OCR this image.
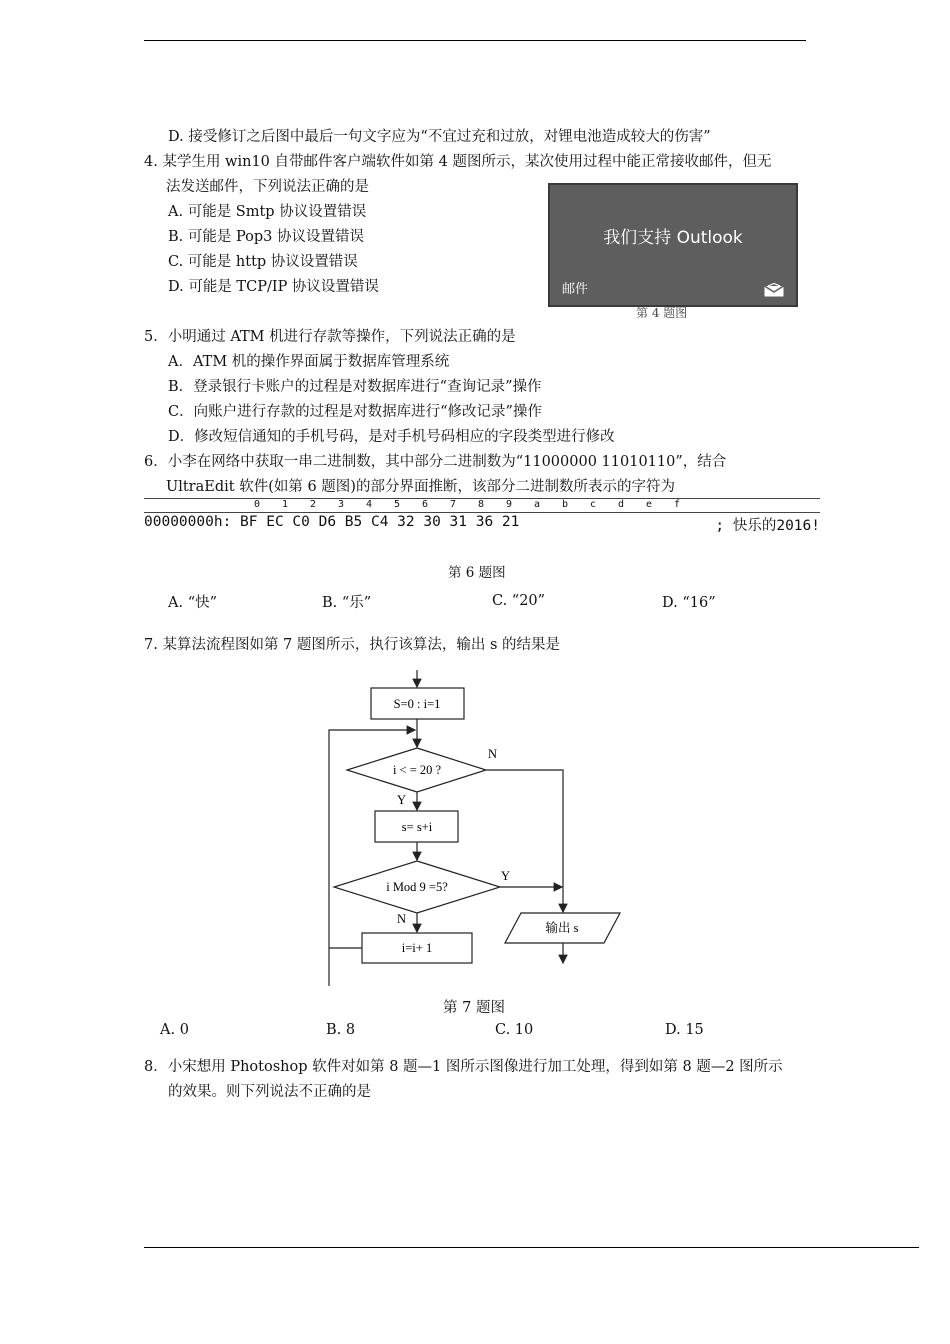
D. 接受修订之后图中最后一句文字应为“不宜过充和过放，对锂电池造成较大的伤害”
4. 某学生用 win10 自带邮件客户端软件如第 4 题图所示，某次使用过程中能正常接收邮件，但无
法发送邮件，下列说法正确的是
A. 可能是 Smtp 协议设置错误
B. 可能是 Pop3 协议设置错误
C. 可能是 http 协议设置错误
D. 可能是 TCP/IP 协议设置错误
我们支持 Outlook
邮件
第 4 题图
5．小明通过 ATM 机进行存款等操作，下列说法正确的是
A．ATM 机的操作界面属于数据库管理系统
B．登录银行卡账户的过程是对数据库进行“查询记录”操作
C．向账户进行存款的过程是对数据库进行“修改记录”操作
D．修改短信通知的手机号码，是对手机号码相应的字段类型进行修改
6．小李在网络中获取一串二进制数，其中部分二进制数为“11000000 11010110”，结合
UltraEdit 软件(如第 6 题图)的部分界面推断，该部分二进制数所表示的字符为
0 1 2 3 4 5 6 7 8 9 a b c d e f
00000000h: BF EC C0 D6 B5 C4 32 30 31 36 21	; 快乐的2016!
第 6 题图
A. “快”	B. “乐”	C. “20”	D. “16”
7. 某算法流程图如第 7 题图所示，执行该算法，输出 s 的结果是
S=0 : i=1
i < = 20 ?
s= s+i
i Mod 9 =5?
i=i+ 1
输出 s
N
Y
Y
N
第 7 题图
A. 0	B. 8	C. 10	D. 15
8．小宋想用 Photoshop 软件对如第 8 题—1 图所示图像进行加工处理，得到如第 8 题—2 图所示
的效果。则下列说法不正确的是
